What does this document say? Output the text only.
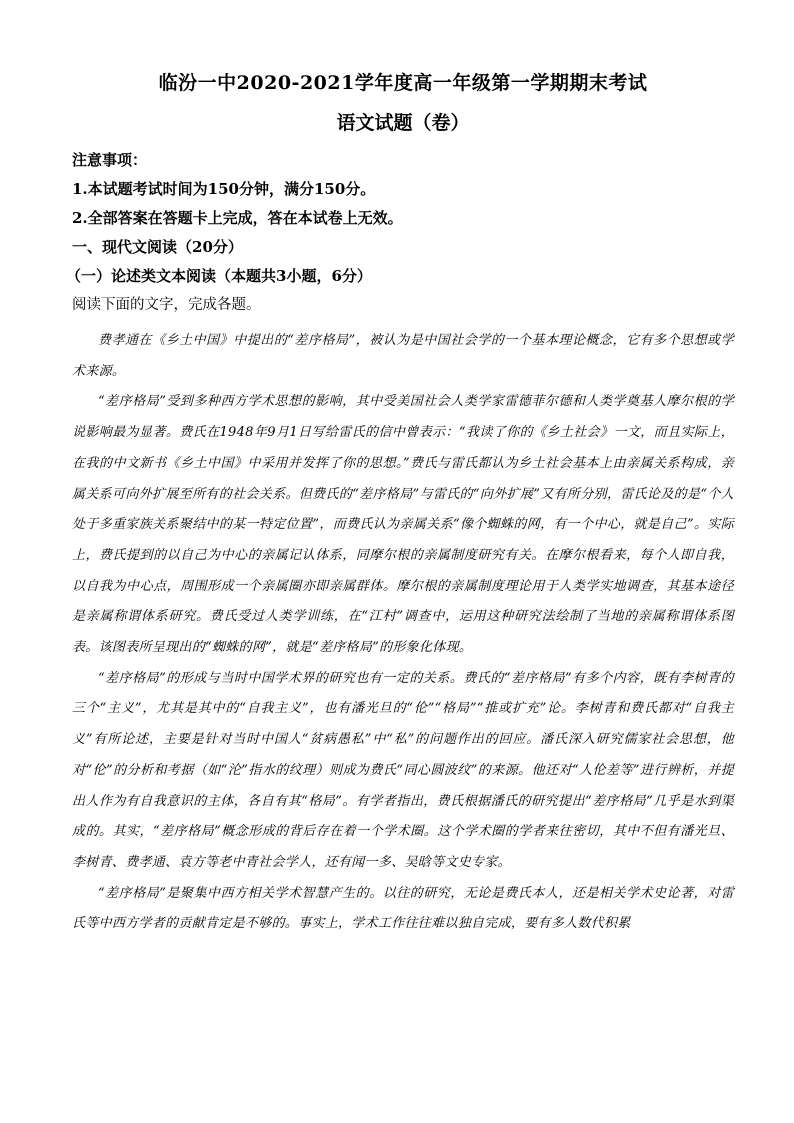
临汾一中2020-2021学年度高一年级第一学期期末考试
语文试题（卷）

注意事项：

1.本试题考试时间为150分钟，满分150分。

2.全部答案在答题卡上完成，答在本试卷上无效。

一、现代文阅读（20分）

（一）论述类文本阅读（本题共3小题，6分）

阅读下面的文字，完成各题。

费孝通在《乡土中国》中提出的“差序格局”，被认为是中国社会学的一个基本理论概念，它有多个思想或学术来源。

“差序格局”受到多种西方学术思想的影响，其中受美国社会人类学家雷德菲尔德和人类学奠基人摩尔根的学说影响最为显著。费氏在1948年9月1日写给雷氏的信中曾表示：“我读了你的《乡土社会》一文，而且实际上，在我的中文新书《乡土中国》中采用并发挥了你的思想。”费氏与雷氏都认为乡土社会基本上由亲属关系构成，亲属关系可向外扩展至所有的社会关系。但费氏的“差序格局”与雷氏的“向外扩展”又有所分别，雷氏论及的是“个人处于多重家族关系聚结中的某一特定位置”，而费氏认为亲属关系“像个蜘蛛的网，有一个中心，就是自己”。实际上，费氏提到的以自己为中心的亲属记认体系，同摩尔根的亲属制度研究有关。在摩尔根看来，每个人即自我，以自我为中心点，周围形成一个亲属圈亦即亲属群体。摩尔根的亲属制度理论用于人类学实地调查，其基本途径是亲属称谓体系研究。费氏受过人类学训练，在“江村”调查中，运用这种研究法绘制了当地的亲属称谓体系图表。该图表所呈现出的“蜘蛛的网”，就是“差序格局”的形象化体现。

“差序格局”的形成与当时中国学术界的研究也有一定的关系。费氏的“差序格局”有多个内容，既有李树青的三个“主义”，尤其是其中的“自我主义”，也有潘光旦的“伦”“格局”“推或扩充”论。李树青和费氏都对“自我主义”有所论述，主要是针对当时中国人“贫病愚私”中“私”的问题作出的回应。潘氏深入研究儒家社会思想，他对“伦”的分析和考据（如“沦”指水的纹理）则成为费氏“同心圆波纹”的来源。他还对“人伦差等”进行辨析，并提出人作为有自我意识的主体，各自有其“格局”。有学者指出，费氏根据潘氏的研究提出“差序格局”几乎是水到渠成的。其实，“差序格局”概念形成的背后存在着一个学术圈。这个学术圈的学者来往密切，其中不但有潘光旦、李树青、费孝通、袁方等老中青社会学人，还有闻一多、吴晗等文史专家。

“差序格局”是聚集中西方相关学术智慧产生的。以往的研究，无论是费氏本人，还是相关学术史论著，对雷氏等中西方学者的贡献肯定是不够的。事实上，学术工作往往难以独自完成，要有多人数代积累
